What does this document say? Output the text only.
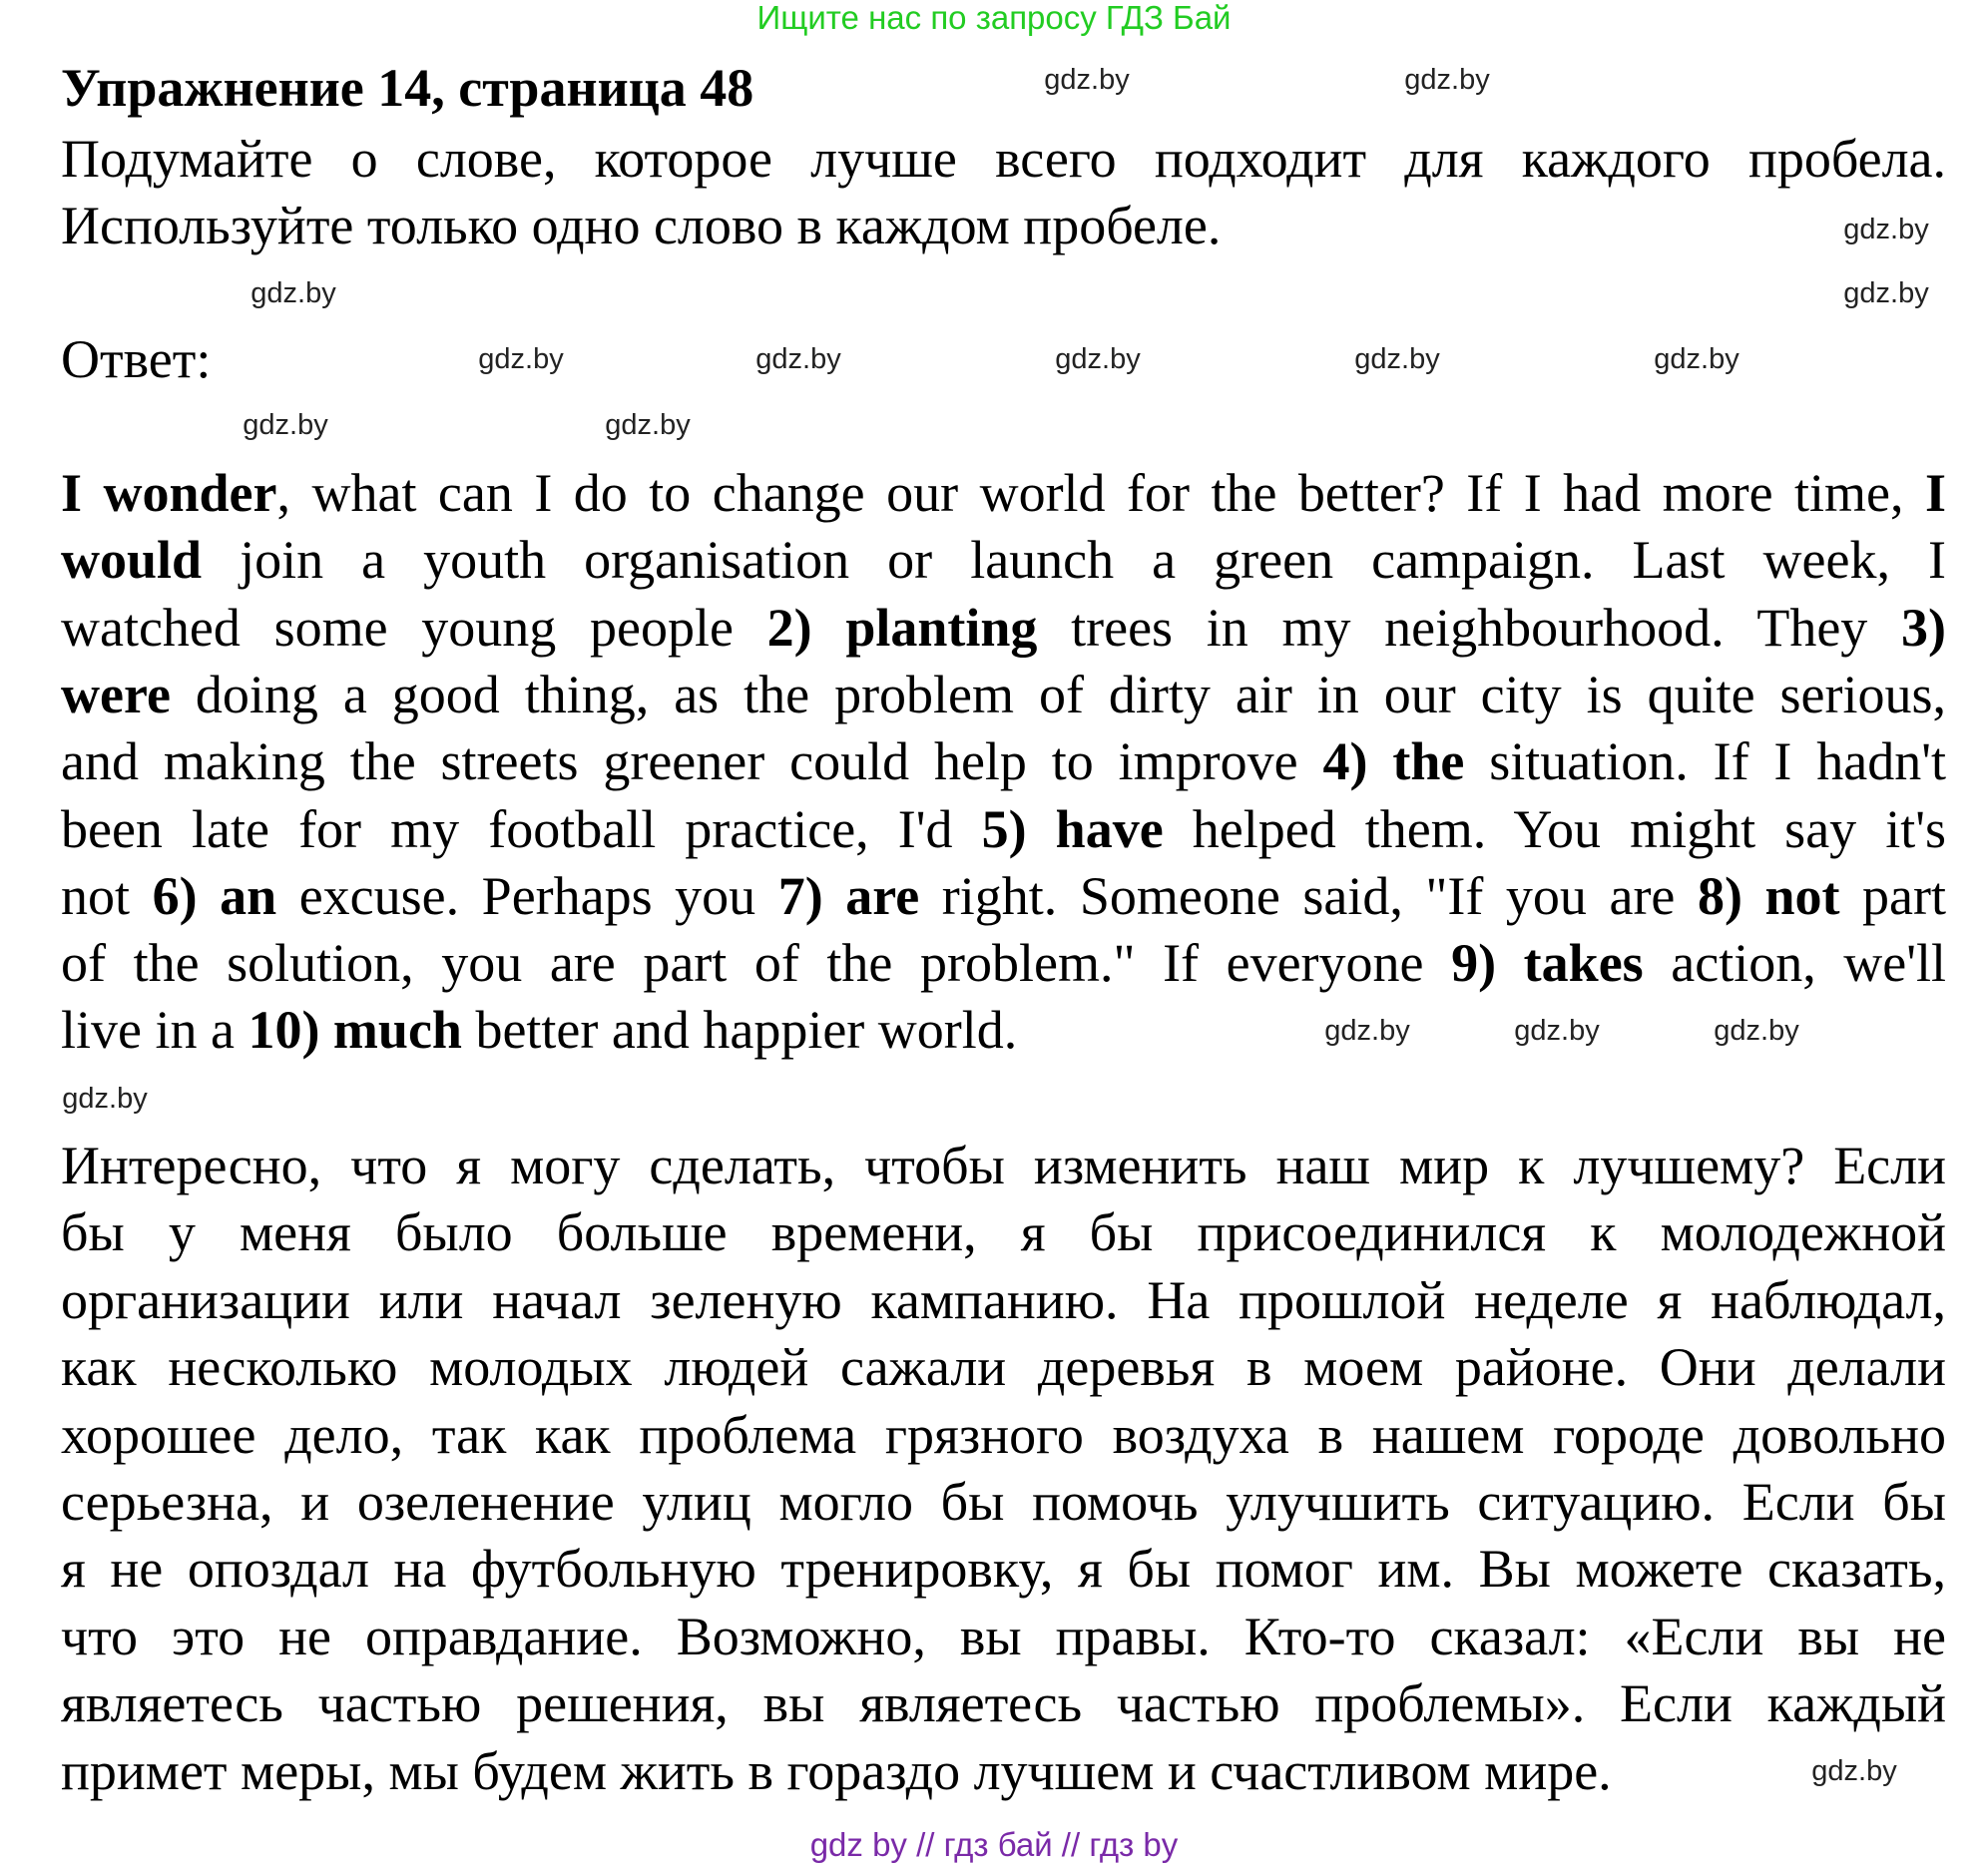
Ищите нас по запросу ГДЗ Бай
Упражнение 14, страница 48
Подумайте о слове, которое лучше всего подходит для каждого пробела.
Используйте только одно слово в каждом пробеле.
Ответ:
I wonder, what can I do to change our world for the better? If I had more time, I
would join a youth organisation or launch a green campaign. Last week, I
watched some young people 2) planting trees in my neighbourhood. They 3)
were doing a good thing, as the problem of dirty air in our city is quite serious,
and making the streets greener could help to improve 4) the situation. If I hadn't
been late for my football practice, I'd 5) have helped them. You might say it's
not 6) an excuse. Perhaps you 7) are right. Someone said, "If you are 8) not part
of the solution, you are part of the problem." If everyone 9) takes action, we'll
live in a 10) much better and happier world.
Интересно, что я могу сделать, чтобы изменить наш мир к лучшему? Если
бы у меня было больше времени, я бы присоединился к молодежной
организации или начал зеленую кампанию. На прошлой неделе я наблюдал,
как несколько молодых людей сажали деревья в моем районе. Они делали
хорошее дело, так как проблема грязного воздуха в нашем городе довольно
серьезна, и озеленение улиц могло бы помочь улучшить ситуацию. Если бы
я не опоздал на футбольную тренировку, я бы помог им. Вы можете сказать,
что это не оправдание. Возможно, вы правы. Кто-то сказал: «Если вы не
являетесь частью решения, вы являетесь частью проблемы». Если каждый
примет меры, мы будем жить в гораздо лучшем и счастливом мире.
gdz.by	gdz.by
gdz.by
gdz.by	gdz.by
gdz.by	gdz.by	gdz.by	gdz.by	gdz.by
gdz.by	gdz.by
gdz.by	gdz.by	gdz.by
gdz.by
gdz.by
gdz by // гдз бай // гдз by
